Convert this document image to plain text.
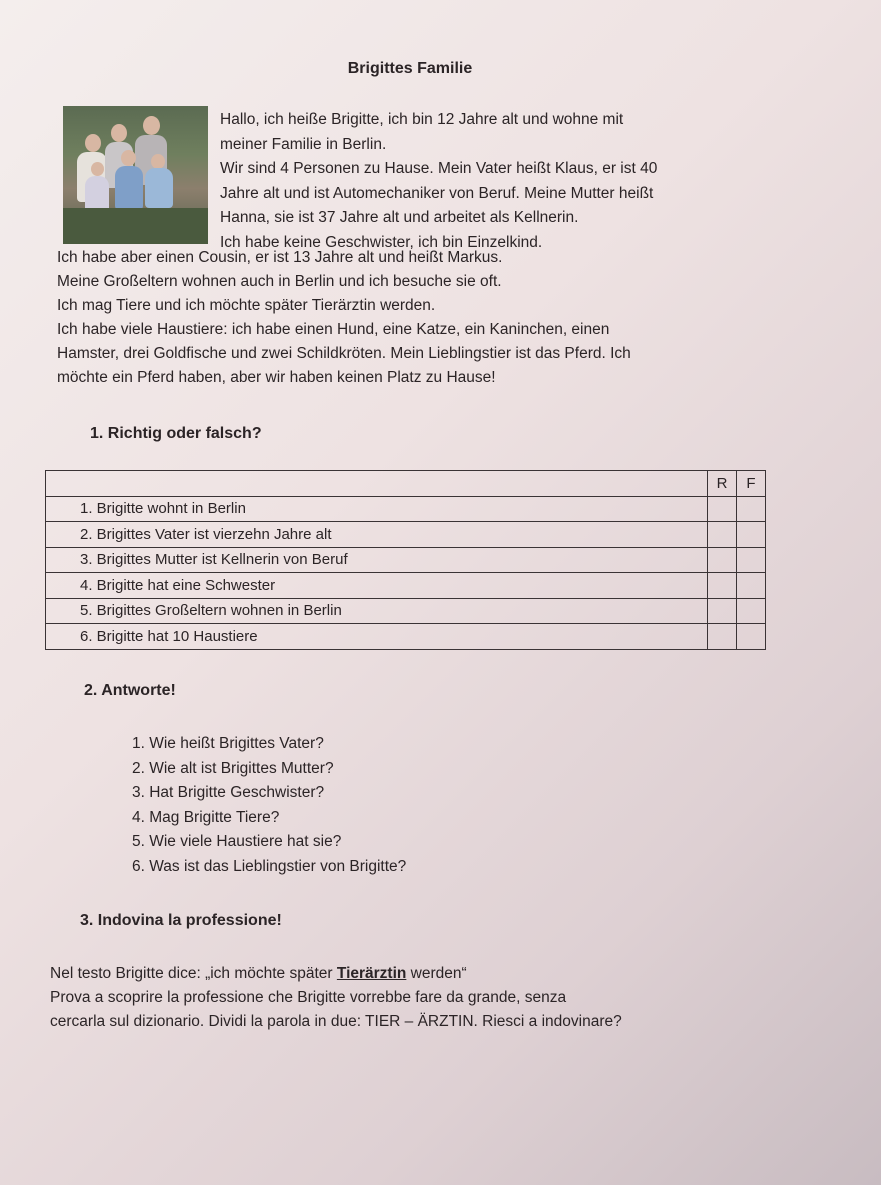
Brigittes Familie
Hallo, ich heiße Brigitte, ich bin 12 Jahre alt und wohne mit
meiner Familie in Berlin.
Wir sind 4 Personen zu Hause. Mein Vater heißt Klaus, er ist 40
Jahre alt und ist Automechaniker von Beruf. Meine Mutter heißt
Hanna, sie ist 37 Jahre alt und arbeitet als Kellnerin.
Ich habe keine Geschwister, ich bin Einzelkind.
Ich habe aber einen Cousin, er ist 13 Jahre alt und heißt Markus.
Meine Großeltern wohnen auch in Berlin und ich besuche sie oft.
Ich mag Tiere und ich möchte später Tierärztin werden.
Ich habe viele Haustiere: ich habe einen Hund, eine Katze, ein Kaninchen, einen
Hamster, drei Goldfische und zwei Schildkröten. Mein Lieblingstier ist das Pferd. Ich
möchte ein Pferd haben, aber wir haben keinen Platz zu Hause!
1. Richtig oder falsch?
	R	F
1. Brigitte wohnt in Berlin		
2. Brigittes Vater ist vierzehn Jahre alt		
3. Brigittes Mutter ist Kellnerin von Beruf		
4. Brigitte hat eine Schwester		
5. Brigittes Großeltern wohnen in Berlin		
6. Brigitte hat 10 Haustiere		
2. Antworte!
1. Wie heißt Brigittes Vater?
2. Wie alt ist Brigittes Mutter?
3. Hat Brigitte Geschwister?
4. Mag Brigitte Tiere?
5. Wie viele Haustiere hat sie?
6. Was ist das Lieblingstier von Brigitte?
3. Indovina la professione!
Nel testo Brigitte dice: „ich möchte später Tierärztin werden“
Prova a scoprire la professione che Brigitte vorrebbe fare da grande, senza
cercarla sul dizionario. Dividi la parola in due: TIER – ÄRZTIN. Riesci a indovinare?
